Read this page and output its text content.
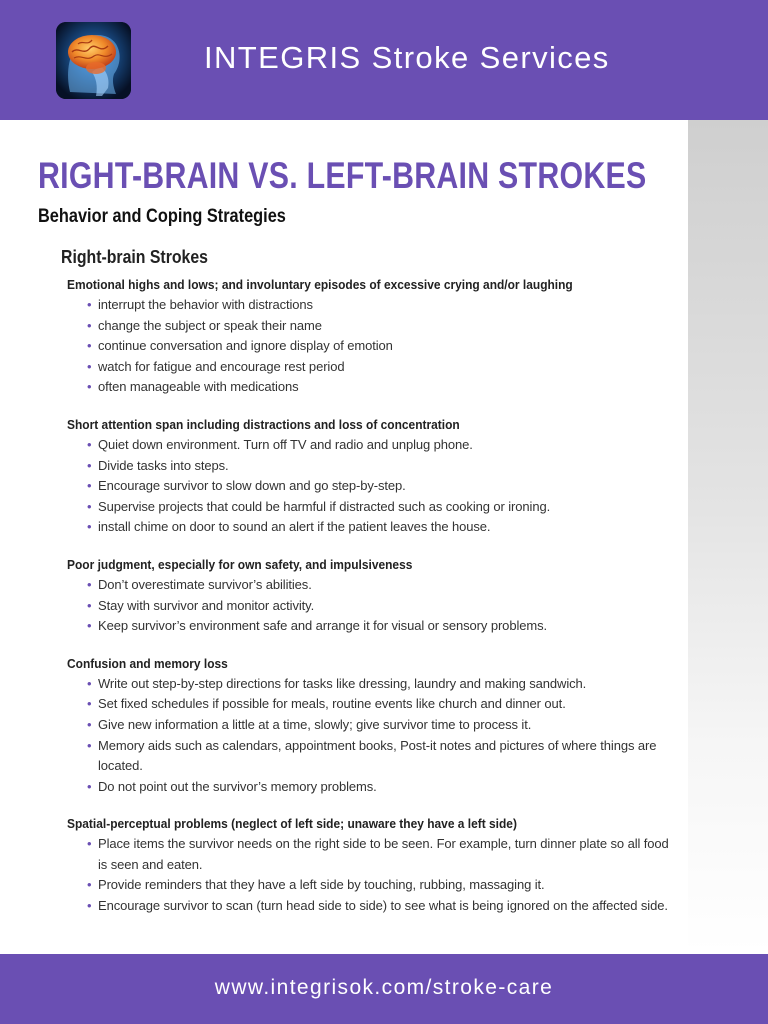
INTEGRIS Stroke Services
RIGHT-BRAIN VS. LEFT-BRAIN STROKES
Behavior and Coping Strategies
Right-brain Strokes
Emotional highs and lows; and involuntary episodes of excessive crying and/or laughing
• interrupt the behavior with distractions
• change the subject or speak their name
• continue conversation and ignore display of emotion
• watch for fatigue and encourage rest period
• often manageable with medications
Short attention span including distractions and loss of concentration
• Quiet down environment. Turn off TV and radio and unplug phone.
• Divide tasks into steps.
• Encourage survivor to slow down and go step-by-step.
• Supervise projects that could be harmful if distracted such as cooking or ironing.
• install chime on door to sound an alert if the patient leaves the house.
Poor judgment, especially for own safety, and impulsiveness
• Don’t overestimate survivor’s abilities.
• Stay with survivor and monitor activity.
• Keep survivor’s environment safe and arrange it for visual or sensory problems.
Confusion and memory loss
• Write out step-by-step directions for tasks like dressing, laundry and making sandwich.
• Set fixed schedules if possible for meals, routine events like church and dinner out.
• Give new information a little at a time, slowly; give survivor time to process it.
• Memory aids such as calendars, appointment books, Post-it notes and pictures of where things are located.
• Do not point out the survivor’s memory problems.
Spatial-perceptual problems (neglect of left side; unaware they have a left side)
• Place items the survivor needs on the right side to be seen. For example, turn dinner plate so all food is seen and eaten.
• Provide reminders that they have a left side by touching, rubbing, massaging it.
• Encourage survivor to scan (turn head side to side) to see what is being ignored on the affected side.
www.integrisok.com/stroke-care
